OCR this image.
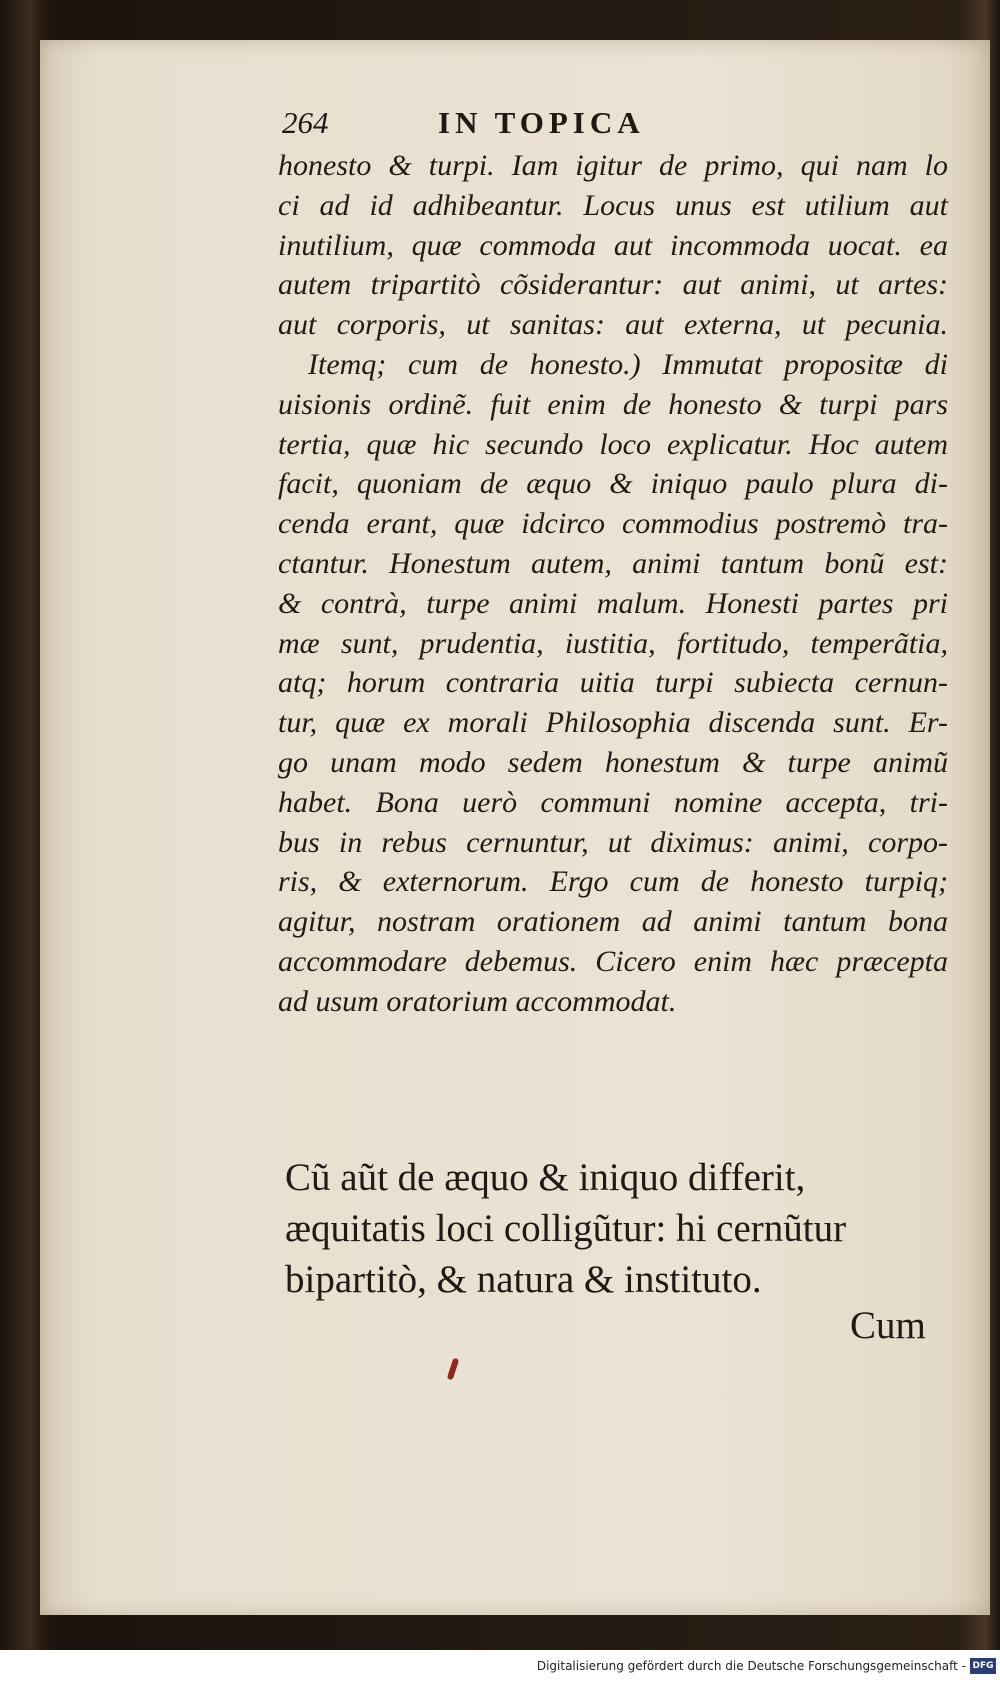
264	IN TOPICA
honesto & turpi. Iam igitur de primo, qui nam lo
ci ad id adhibeantur. Locus unus est utilium aut
inutilium, quæ commoda aut incommoda uocat. ea
autem tripartitò cõsiderantur: aut animi, ut artes:
aut corporis, ut sanitas: aut externa, ut pecunia.
Itemq; cum de honesto.) Immutat propositæ di
uisionis ordinẽ. fuit enim de honesto & turpi pars
tertia, quæ hic secundo loco explicatur. Hoc autem
facit, quoniam de æquo & iniquo paulo plura di-
cenda erant, quæ idcirco commodius postremò tra-
ctantur. Honestum autem, animi tantum bonũ est:
& contrà, turpe animi malum. Honesti partes pri
mæ sunt, prudentia, iustitia, fortitudo, temperãtia,
atq; horum contraria uitia turpi subiecta cernun-
tur, quæ ex morali Philosophia discenda sunt. Er-
go unam modo sedem honestum & turpe animũ
habet. Bona uerò communi nomine accepta, tri-
bus in rebus cernuntur, ut diximus: animi, corpo-
ris, & externorum. Ergo cum de honesto turpiq;
agitur, nostram orationem ad animi tantum bona
accommodare debemus. Cicero enim hæc præcepta
ad usum oratorium accommodat.
Cũ aũt de æquo & iniquo differit,
æquitatis loci colligũtur: hi cernũtur
bipartitò, & natura & instituto.
Cum
Digitalisierung gefördert durch die Deutsche Forschungsgemeinschaft - DFG
